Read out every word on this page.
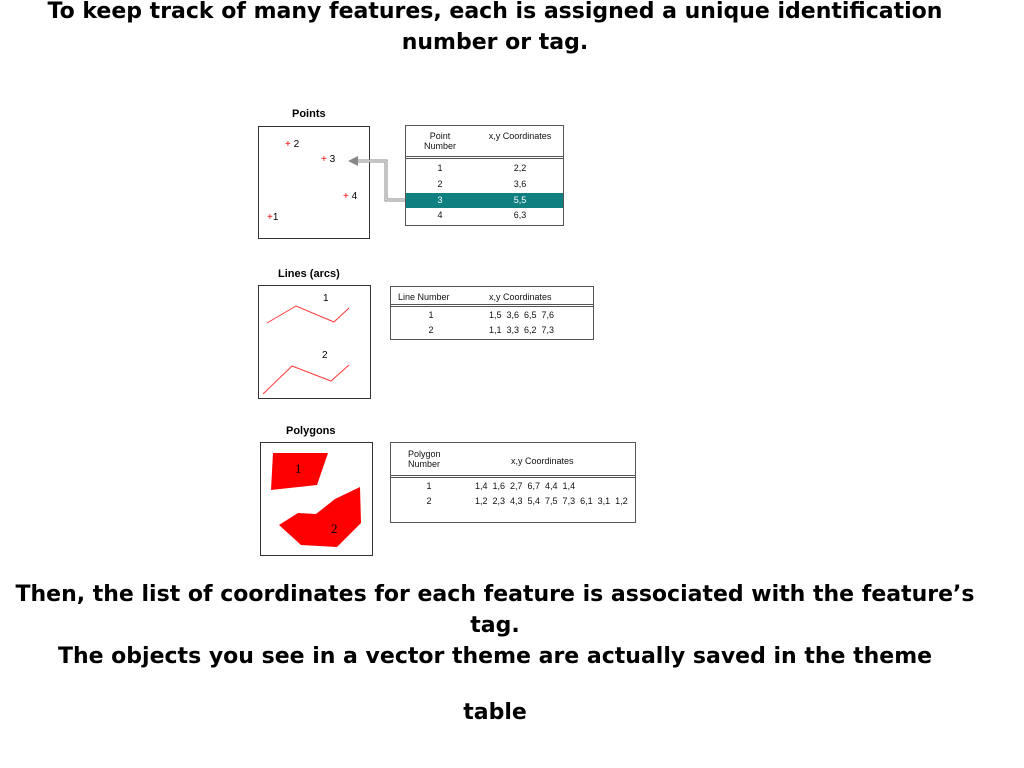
To keep track of many features, each is assigned a unique identification number or tag.
Points
+ 2
+ 3
+ 4
+1
Point Number
x,y Coordinates
1	2,2
2	3,6
3	5,5
4	6,3
Lines (arcs)
1
2
Line Number	x,y Coordinates
1	1,5  3,6  6,5  7,6
2	1,1  3,3  6,2  7,3
Polygons
1
2
Polygon Number	x,y Coordinates
1	1,4  1,6  2,7  6,7  4,4  1,4
2	1,2  2,3  4,3  5,4  7,5  7,3  6,1  3,1  1,2
Then, the list of coordinates for each feature is associated with the feature’s tag.
The objects you see in a vector theme are actually saved in the theme
table
